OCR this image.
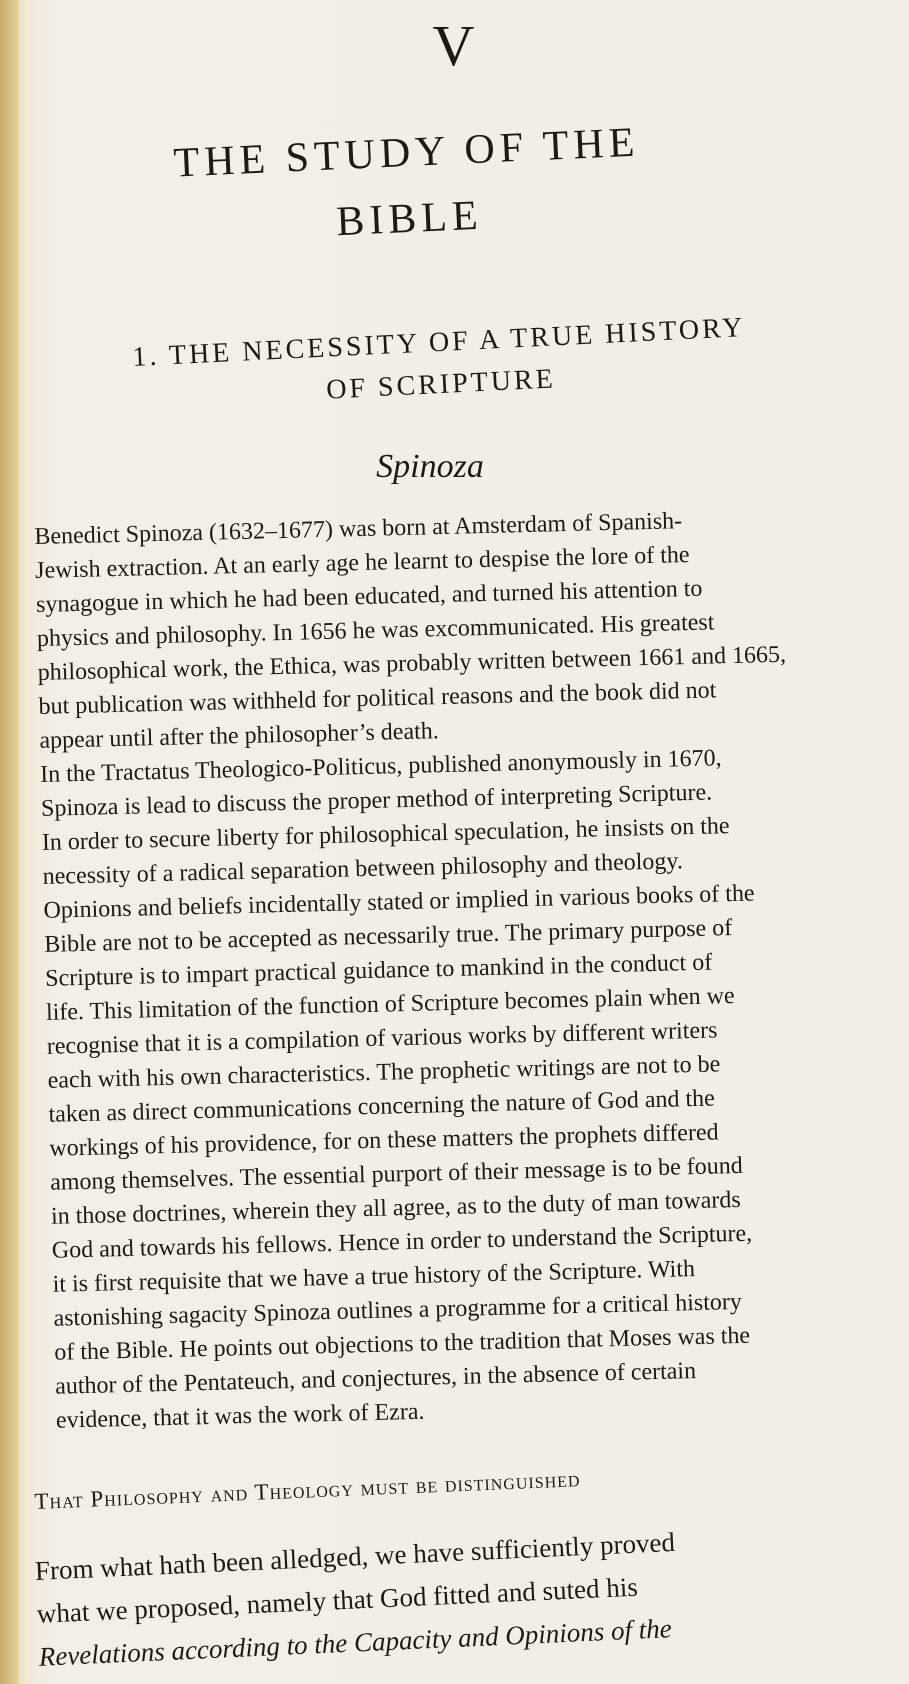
V
THE STUDY OF THE
BIBLE
1. THE NECESSITY OF A TRUE HISTORY
OF SCRIPTURE
Spinoza

Benedict Spinoza (1632–1677) was born at Amsterdam of Spanish-
Jewish extraction. At an early age he learnt to despise the lore of the
synagogue in which he had been educated, and turned his attention to
physics and philosophy. In 1656 he was excommunicated. His greatest
philosophical work, the Ethica, was probably written between 1661 and 1665,
but publication was withheld for political reasons and the book did not
appear until after the philosopher’s death.

In the Tractatus Theologico-Politicus, published anonymously in 1670,
Spinoza is lead to discuss the proper method of interpreting Scripture.
In order to secure liberty for philosophical speculation, he insists on the
necessity of a radical separation between philosophy and theology.
Opinions and beliefs incidentally stated or implied in various books of the
Bible are not to be accepted as necessarily true. The primary purpose of
Scripture is to impart practical guidance to mankind in the conduct of
life. This limitation of the function of Scripture becomes plain when we
recognise that it is a compilation of various works by different writers
each with his own characteristics. The prophetic writings are not to be
taken as direct communications concerning the nature of God and the
workings of his providence, for on these matters the prophets differed
among themselves. The essential purport of their message is to be found
in those doctrines, wherein they all agree, as to the duty of man towards
God and towards his fellows. Hence in order to understand the Scripture,
it is first requisite that we have a true history of the Scripture. With
astonishing sagacity Spinoza outlines a programme for a critical history
of the Bible. He points out objections to the tradition that Moses was the
author of the Pentateuch, and conjectures, in the absence of certain
evidence, that it was the work of Ezra.

That Philosophy and Theology must be distinguished

From what hath been alledged, we have sufficiently proved
what we proposed, namely that God fitted and suted his
Revelations according to the Capacity and Opinions of the
